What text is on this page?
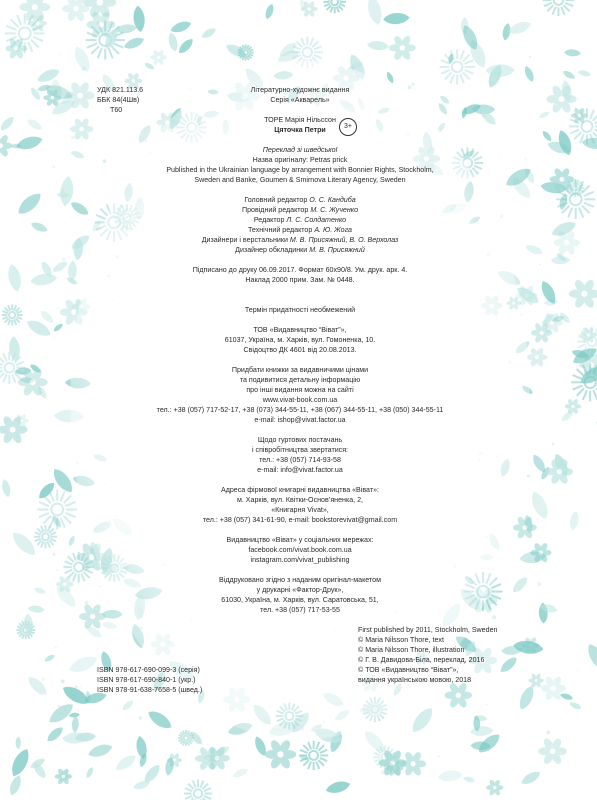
УДК 821.113.6
ББК 84(4Шв)
Т60
Літературно-художнє видання
Серія «Акварель»
ТОРЕ Марія Нільссон
Цяточка Петри	3+
Переклад зі шведської
Назва оригіналу: Petras prick
Published in the Ukrainian language by arrangement with Bonnier Rights, Stockholm,
Sweden and Banke, Goumen & Smirnova Literary Agency, Sweden
Головний редактор О. С. Кандиба
Провідний редактор М. С. Жученко
Редактор Л. С. Солдатенко
Технічний редактор А. Ю. Жога
Дизайнери і верстальники М. В. Присяжний, В. О. Верхолаз
Дизайнер обкладинки М. В. Присяжний
Підписано до друку 06.09.2017. Формат 60х90/8. Ум. друк. арк. 4.
Наклад 2000 прим. Зам. № 0448.
Термін придатності необмежений
ТОВ «Видавництво “Віват”»,
61037, Україна, м. Харків, вул. Гомоненка, 10.
Свідоцтво ДК 4601 від 20.08.2013.
Придбати книжки за видавничими цінами
та подивитися детальну інформацію
про інші видання можна на сайті
www.vivat-book.com.ua
тел.: +38 (057) 717-52-17, +38 (073) 344-55-11, +38 (067) 344-55-11, +38 (050) 344-55-11
e-mail: ishop@vivat.factor.ua
Щодо гуртових постачань
і співробітництва звертатися:
тел.: +38 (057) 714-93-58
e-mail: info@vivat.factor.ua
Адреса фірмової книгарні видавництва «Віват»:
м. Харків, вул. Квітки-Основ’яненка, 2,
«Книгарня Vivat»,
тел.: +38 (057) 341-61-90, e-mail: bookstorevivat@gmail.com
Видавництво «Віват» у соціальних мережах:
facebook.com/vivat.book.com.ua
instagram.com/vivat_publishing
Віддруковано згідно з наданим оригінал-макетом
у друкарні «Фактор-Друк»,
61030, Україна, м. Харків, вул. Саратовська, 51,
тел. +38 (057) 717-53-55
First published by 2011, Stockholm, Sweden
© Maria Nilsson Thore, text
© Maria Nilsson Thore, illustration
© Г. В. Давидова-Біла, переклад, 2016
© ТОВ «Видавництво “Віват”»,
видання українською мовою, 2018
ISBN 978-617-690-099-3 (серія)
ISBN 978-617-690-840-1 (укр.)
ISBN 978-91-638-7658-5 (швед.)
